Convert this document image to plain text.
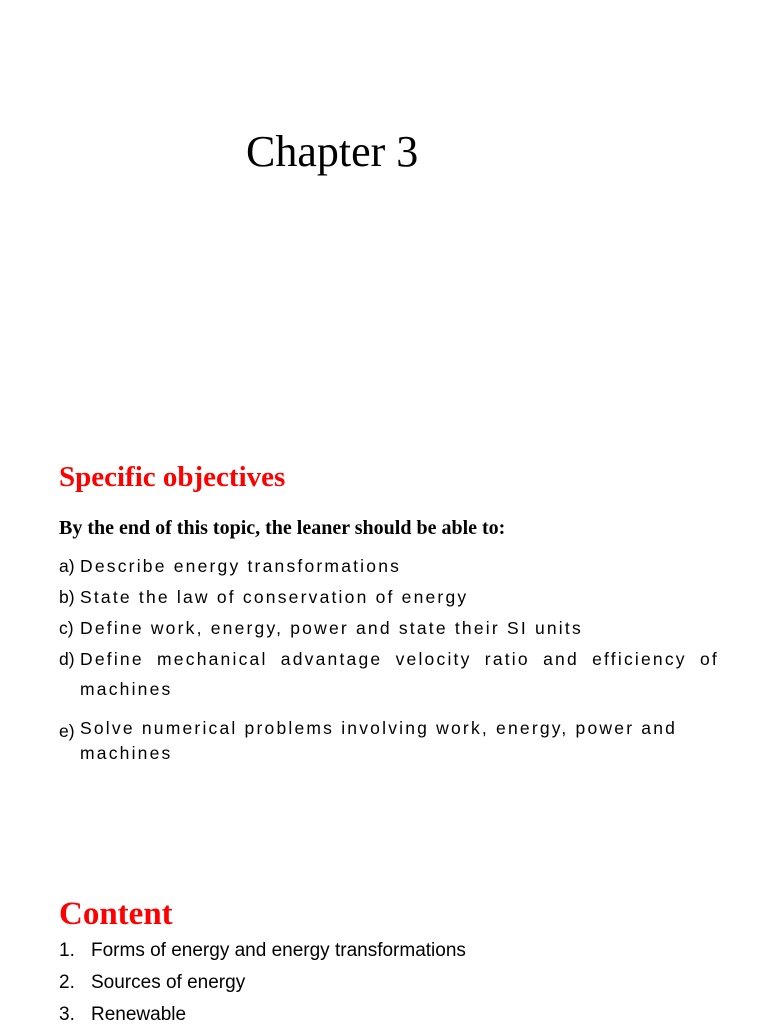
Chapter 3
Specific objectives

By the end of this topic, the leaner should be able to:

a) Describe energy transformations
b) State the law of conservation of energy
c) Define work, energy, power and state their SI units
d) Define mechanical advantage velocity ratio and efficiency of machines
e) Solve numerical problems involving work, energy, power and machines
Content
1. Forms of energy and energy transformations
2. Sources of energy
3. Renewable
